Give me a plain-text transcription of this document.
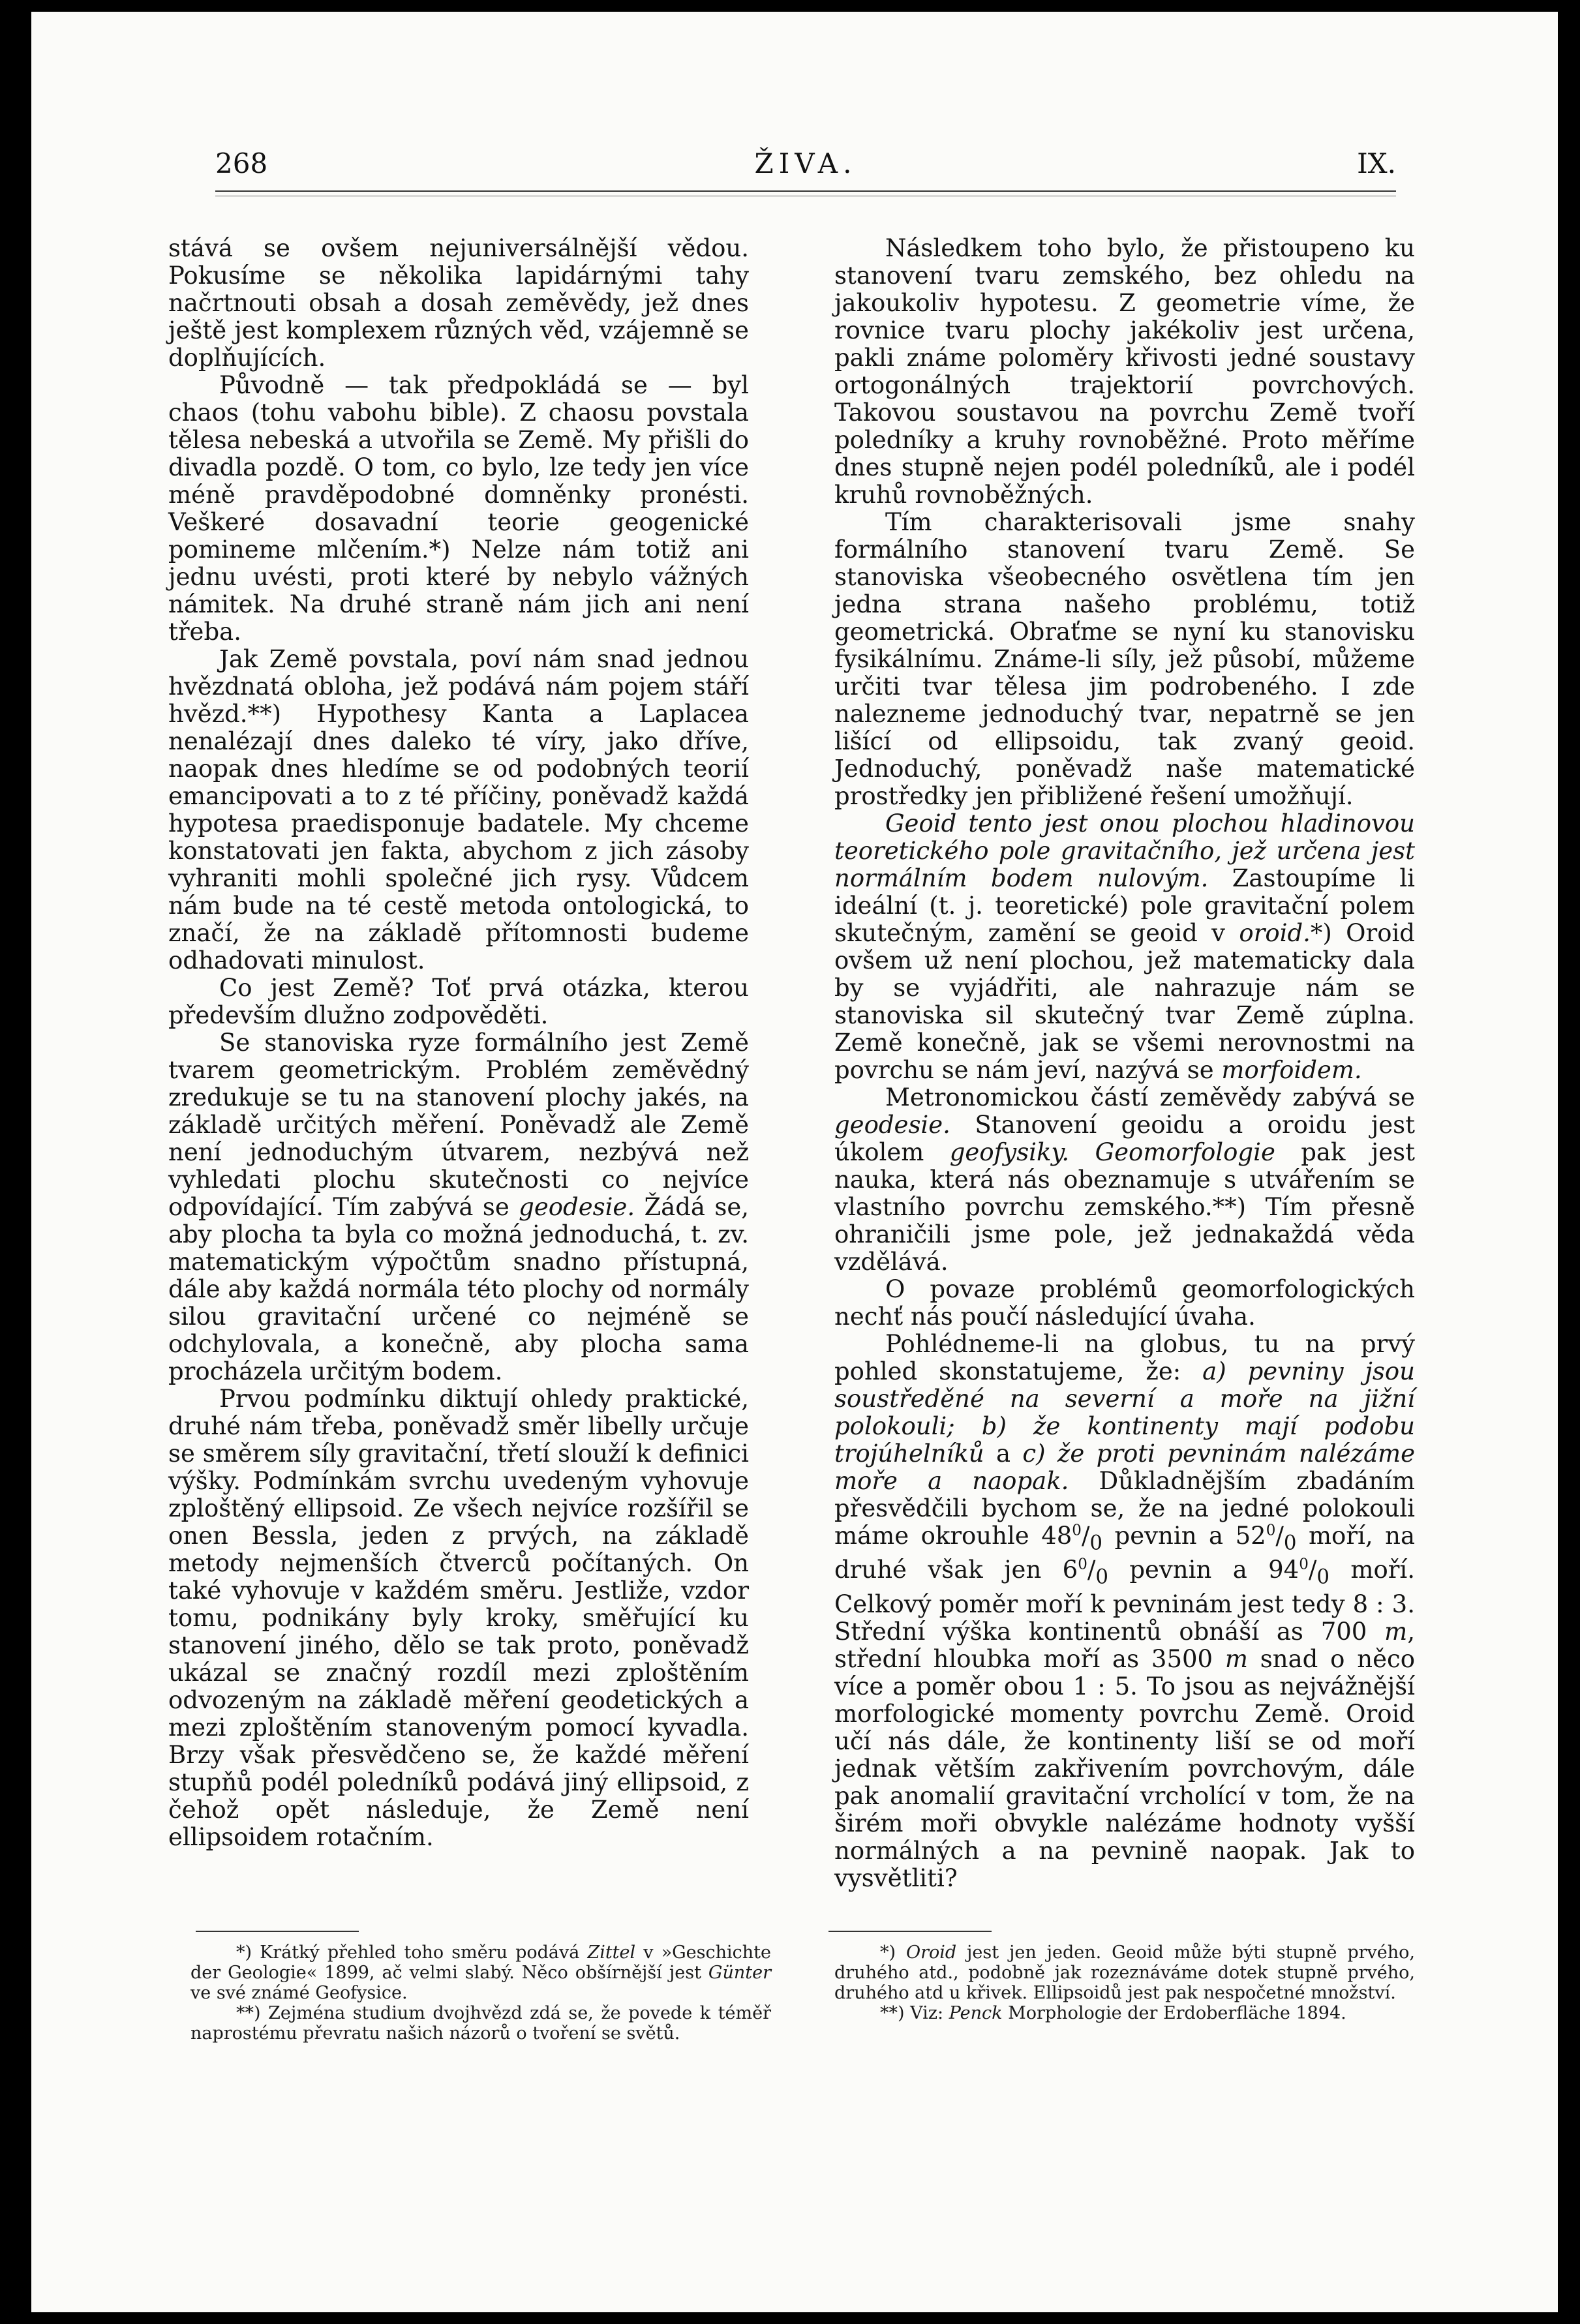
268	ŽIVA.	IX.

stává se ovšem nejuniversálnější vědou. Pokusíme se několika lapidárnými tahy načrtnouti obsah a dosah zeměvědy, jež dnes ještě jest komplexem různých věd, vzájemně se doplňujících.

Původně — tak předpokládá se — byl chaos (tohu vabohu bible). Z chaosu povstala tělesa nebeská a utvořila se Země. My přišli do divadla pozdě. O tom, co bylo, lze tedy jen více méně pravděpodobné domněnky pronésti. Veškeré dosavadní teorie geogenické pomineme mlčením.*) Nelze nám totiž ani jednu uvésti, proti které by nebylo vážných námitek. Na druhé straně nám jich ani není třeba.

Jak Země povstala, poví nám snad jednou hvězdnatá obloha, jež podává nám pojem stáří hvězd.**) Hypothesy Kanta a Laplacea nenalézají dnes daleko té víry, jako dříve, naopak dnes hledíme se od podobných teorií emancipovati a to z té příčiny, poněvadž každá hypotesa praedisponuje badatele. My chceme konstatovati jen fakta, abychom z jich zásoby vyhraniti mohli společné jich rysy. Vůdcem nám bude na té cestě metoda ontologická, to značí, že na základě přítomnosti budeme odhadovati minulost.

Co jest Země? Toť prvá otázka, kterou především dlužno zodpověděti.

Se stanoviska ryze formálního jest Země tvarem geometrickým. Problém zeměvědný zredukuje se tu na stanovení plochy jakés, na základě určitých měření. Poněvadž ale Země není jednoduchým útvarem, nezbývá než vyhledati plochu skutečnosti co nejvíce odpovídající. Tím zabývá se geodesie. Žádá se, aby plocha ta byla co možná jednoduchá, t. zv. matematickým výpočtům snadno přístupná, dále aby každá normála této plochy od normály silou gravitační určené co nejméně se odchylovala, a konečně, aby plocha sama procházela určitým bodem.

Prvou podmínku diktují ohledy praktické, druhé nám třeba, poněvadž směr libelly určuje se směrem síly gravitační, třetí slouží k definici výšky. Podmínkám svrchu uvedeným vyhovuje zploštěný ellipsoid. Ze všech nejvíce rozšířil se onen Bessla, jeden z prvých, na základě metody nejmenších čtverců počítaných. On také vyhovuje v každém směru. Jestliže, vzdor tomu, podnikány byly kroky, směřující ku stanovení jiného, dělo se tak proto, poněvadž ukázal se značný rozdíl mezi zploštěním odvozeným na základě měření geodetických a mezi zploštěním stanoveným pomocí kyvadla. Brzy však přesvědčeno se, že každé měření stupňů podél poledníků podává jiný ellipsoid, z čehož opět následuje, že Země není ellipsoidem rotačním.

Následkem toho bylo, že přistoupeno ku stanovení tvaru zemského, bez ohledu na jakoukoliv hypotesu. Z geometrie víme, že rovnice tvaru plochy jakékoliv jest určena, pakli známe poloměry křivosti jedné soustavy ortogonálných trajektorií povrchových. Takovou soustavou na povrchu Země tvoří poledníky a kruhy rovnoběžné. Proto měříme dnes stupně nejen podél poledníků, ale i podél kruhů rovnoběžných.

Tím charakterisovali jsme snahy formálního stanovení tvaru Země. Se stanoviska všeobecného osvětlena tím jen jedna strana našeho problému, totiž geometrická. Obraťme se nyní ku stanovisku fysikálnímu. Známe-li síly, jež působí, můžeme určiti tvar tělesa jim podrobeného. I zde nalezneme jednoduchý tvar, nepatrně se jen lišící od ellipsoidu, tak zvaný geoid. Jednoduchý, poněvadž naše matematické prostředky jen přibližené řešení umožňují.

Geoid tento jest onou plochou hladinovou teoretického pole gravitačního, jež určena jest normálním bodem nulovým. Zastoupíme li ideální (t. j. teoretické) pole gravitační polem skutečným, zamění se geoid v oroid.*) Oroid ovšem už není plochou, jež matematicky dala by se vyjádřiti, ale nahrazuje nám se stanoviska sil skutečný tvar Země zúplna. Země konečně, jak se všemi nerovnostmi na povrchu se nám jeví, nazývá se morfoidem.

Metronomickou částí zeměvědy zabývá se geodesie. Stanovení geoidu a oroidu jest úkolem geofysiky. Geomorfologie pak jest nauka, která nás obeznamuje s utvářením se vlastního povrchu zemského.**) Tím přesně ohraničili jsme pole, jež jednakaždá věda vzdělává.

O povaze problémů geomorfologických nechť nás poučí následující úvaha.

Pohlédneme-li na globus, tu na prvý pohled skonstatujeme, že: a) pevniny jsou soustředěné na severní a moře na jižní polokouli; b) že kontinenty mají podobu trojúhelníků a c) že proti pevninám nalézáme moře a naopak. Důkladnějším zbadáním přesvědčili bychom se, že na jedné polokouli máme okrouhle $48^0/_0$ pevnin a $52^0/_0$ moří, na druhé však jen $6^0/_0$ pevnin a $94^0/_0$ moří. Celkový poměr moří k pevninám jest tedy 8 : 3. Střední výška kontinentů obnáší as 700 m, střední hloubka moří as 3500 m snad o něco více a poměr obou 1 : 5. To jsou as nejvážnější morfologické momenty povrchu Země. Oroid učí nás dále, že kontinenty liší se od moří jednak větším zakřivením povrchovým, dále pak anomalií gravitační vrcholící v tom, že na širém moři obvykle nalézáme hodnoty vyšší normálných a na pevnině naopak. Jak to vysvětliti?

*) Krátký přehled toho směru podává Zittel v »Geschichte der Geologie« 1899, ač velmi slabý. Něco obšírnější jest Günter ve své známé Geofysice.

**) Zejména studium dvojhvězd zdá se, že povede k téměř naprostému převratu našich názorů o tvoření se světů.

*) Oroid jest jen jeden. Geoid může býti stupně prvého, druhého atd., podobně jak rozeznáváme dotek stupně prvého, druhého atd u křivek. Ellipsoidů jest pak nespočetné množství.

**) Viz: Penck Morphologie der Erdoberfläche 1894.
